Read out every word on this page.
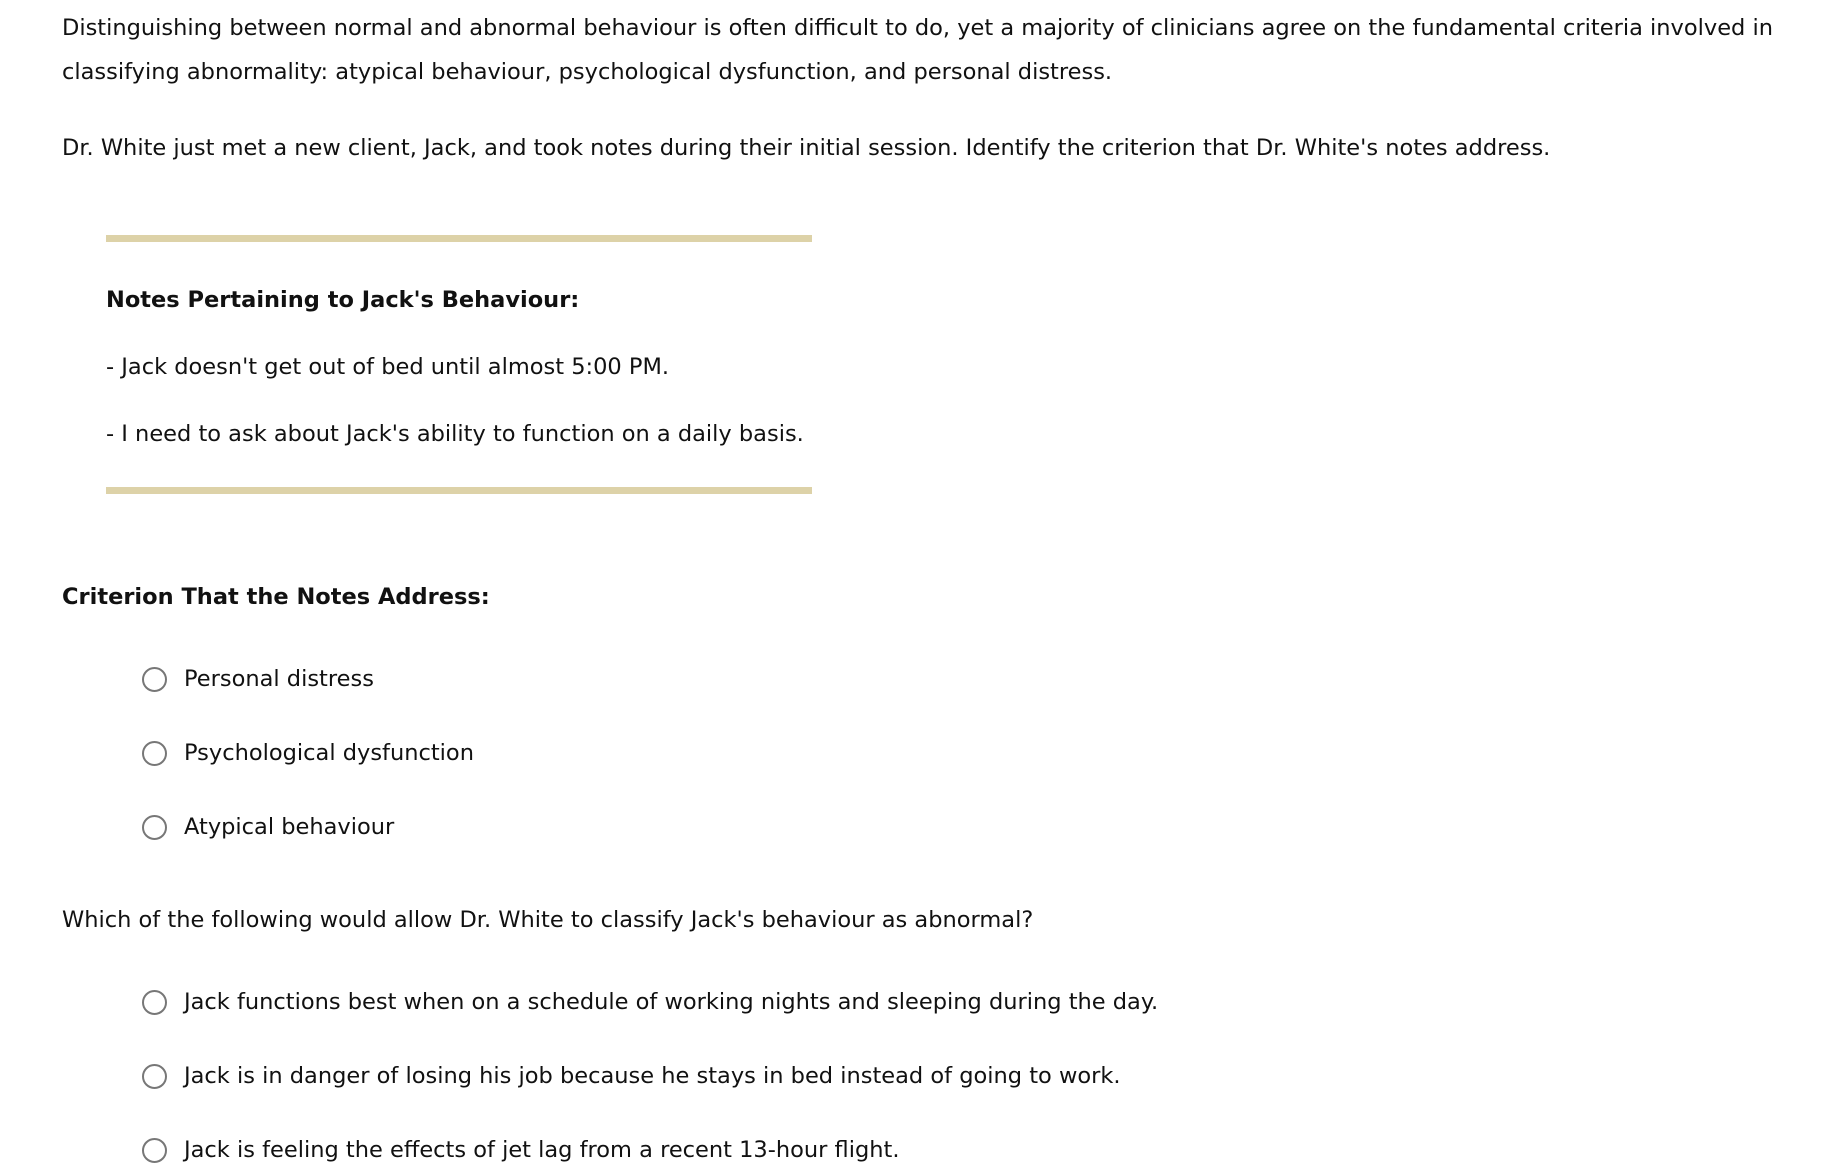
Distinguishing between normal and abnormal behaviour is often difficult to do, yet a majority of clinicians agree on the fundamental criteria involved in classifying abnormality: atypical behaviour, psychological dysfunction, and personal distress.

Dr. White just met a new client, Jack, and took notes during their initial session. Identify the criterion that Dr. White's notes address.

Notes Pertaining to Jack's Behaviour:

- Jack doesn't get out of bed until almost 5:00 PM.

- I need to ask about Jack's ability to function on a daily basis.

Criterion That the Notes Address:

Personal distress
Psychological dysfunction
Atypical behaviour

Which of the following would allow Dr. White to classify Jack's behaviour as abnormal?

Jack functions best when on a schedule of working nights and sleeping during the day.
Jack is in danger of losing his job because he stays in bed instead of going to work.
Jack is feeling the effects of jet lag from a recent 13-hour flight.
